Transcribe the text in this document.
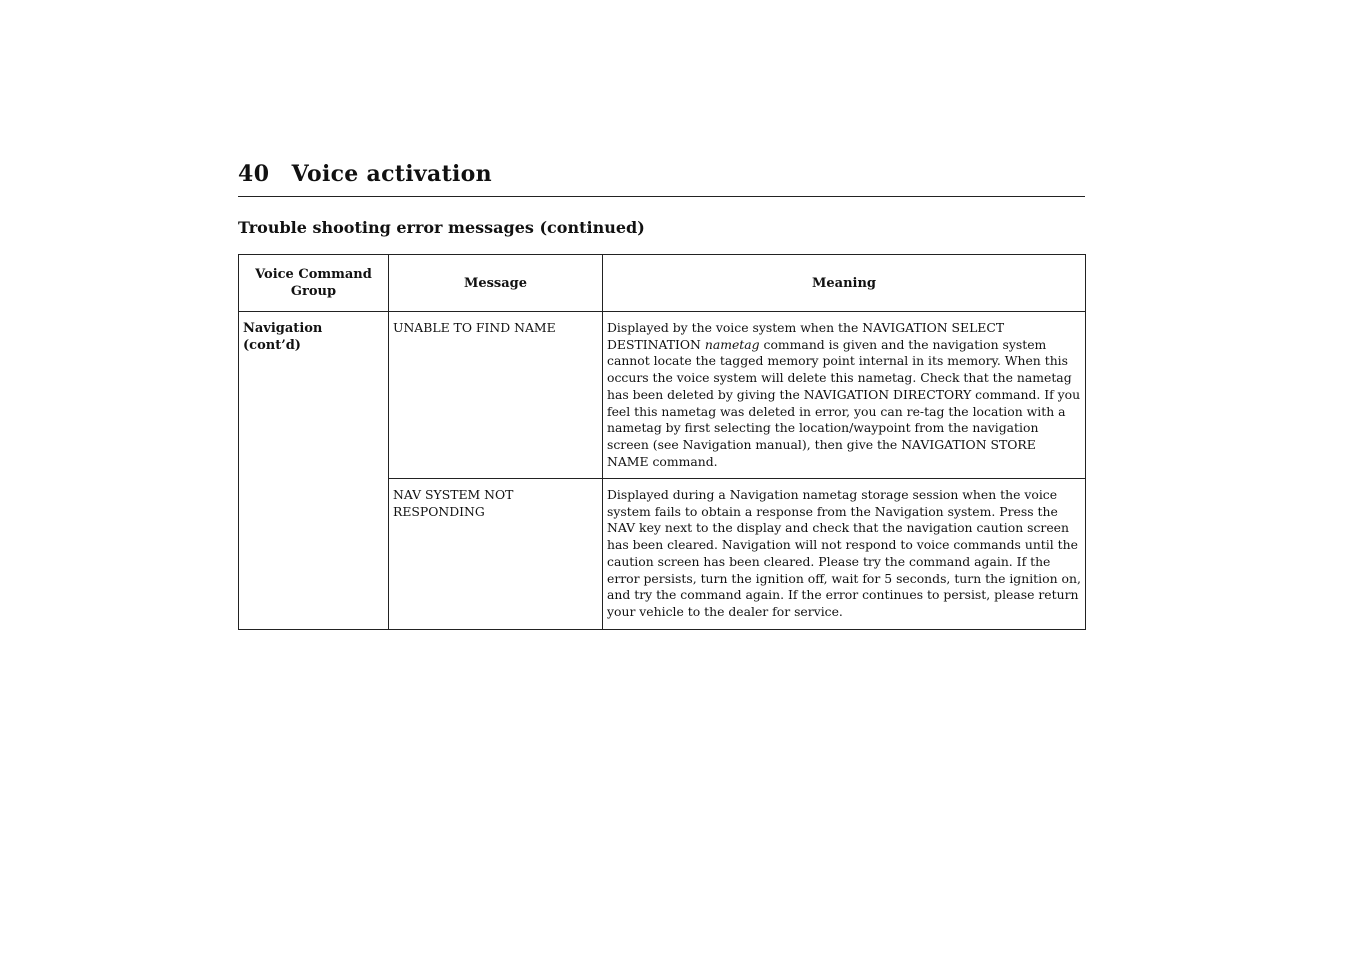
40 Voice activation
Trouble shooting error messages (continued)
Voice Command Group	Message	Meaning

Navigation (cont’d)	UNABLE TO FIND NAME	Displayed by the voice system when the NAVIGATION SELECT DESTINATION nametag command is given and the navigation system cannot locate the tagged memory point internal in its memory. When this occurs the voice system will delete this nametag. Check that the nametag has been deleted by giving the NAVIGATION DIRECTORY command. If you feel this nametag was deleted in error, you can re-tag the location with a nametag by first selecting the location/waypoint from the navigation screen (see Navigation manual), then give the NAVIGATION STORE NAME command.

	NAV SYSTEM NOT RESPONDING	Displayed during a Navigation nametag storage session when the voice system fails to obtain a response from the Navigation system. Press the NAV key next to the display and check that the navigation caution screen has been cleared. Navigation will not respond to voice commands until the caution screen has been cleared. Please try the command again. If the error persists, turn the ignition off, wait for 5 seconds, turn the ignition on, and try the command again. If the error continues to persist, please return your vehicle to the dealer for service.
